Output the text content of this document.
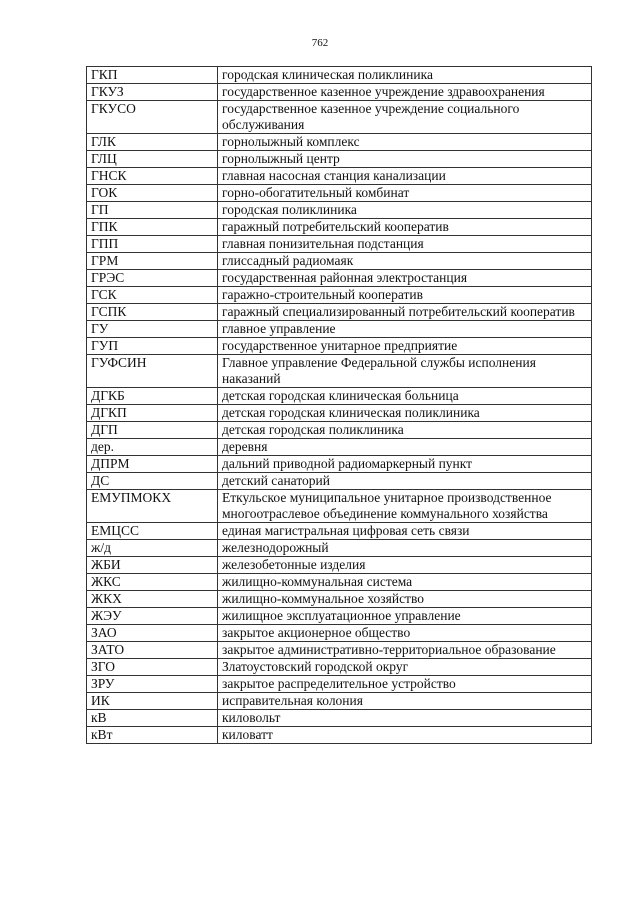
762
ГКП	городская клиническая поликлиника
ГКУЗ	государственное казенное учреждение здравоохранения
ГКУСО	государственное казенное учреждение социального обслуживания
ГЛК	горнолыжный комплекс
ГЛЦ	горнолыжный центр
ГНСК	главная насосная станция канализации
ГОК	горно-обогатительный комбинат
ГП	городская поликлиника
ГПК	гаражный потребительский кооператив
ГПП	главная понизительная подстанция
ГРМ	глиссадный радиомаяк
ГРЭС	государственная районная электростанция
ГСК	гаражно-строительный кооператив
ГСПК	гаражный специализированный потребительский кооператив
ГУ	главное управление
ГУП	государственное унитарное предприятие
ГУФСИН	Главное управление Федеральной службы исполнения наказаний
ДГКБ	детская городская клиническая больница
ДГКП	детская городская клиническая поликлиника
ДГП	детская городская поликлиника
дер.	деревня
ДПРМ	дальний приводной радиомаркерный пункт
ДС	детский санаторий
ЕМУПМОКХ	Еткульское муниципальное унитарное производственное многоотраслевое объединение коммунального хозяйства
ЕМЦСС	единая магистральная цифровая сеть связи
ж/д	железнодорожный
ЖБИ	железобетонные изделия
ЖКС	жилищно-коммунальная система
ЖКХ	жилищно-коммунальное хозяйство
ЖЭУ	жилищное эксплуатационное управление
ЗАО	закрытое акционерное общество
ЗАТО	закрытое административно-территориальное образование
ЗГО	Златоустовский городской округ
ЗРУ	закрытое распределительное устройство
ИК	исправительная колония
кВ	киловольт
кВт	киловатт
